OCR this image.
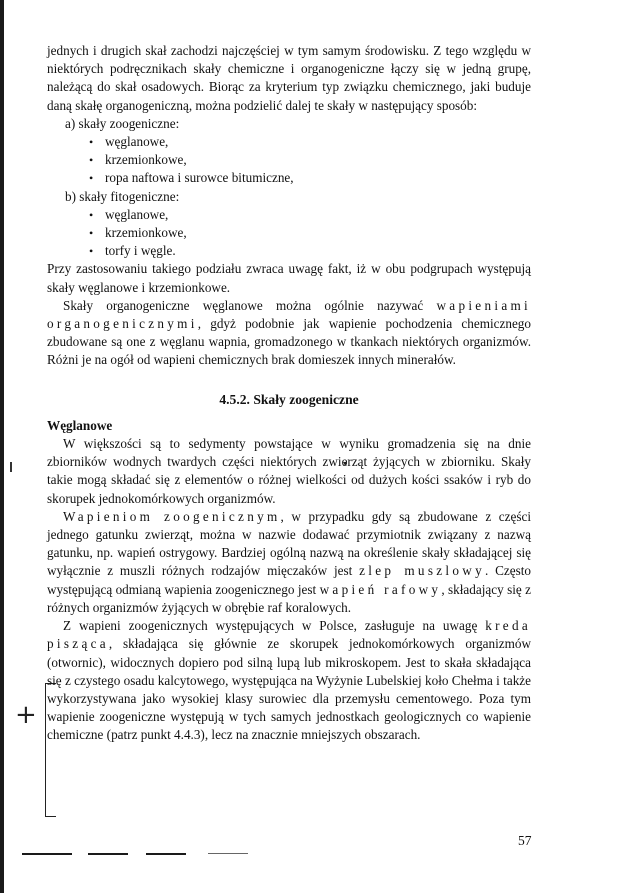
+

jednych i drugich skał zachodzi najczęściej w tym samym środowisku. Z tego względu w niektórych podręcznikach skały chemiczne i organogeniczne łączy się w jedną grupę, należącą do skał osadowych. Biorąc za kryterium typ związku chemicznego, jaki buduje daną skałę organogeniczną, można podzielić dalej te skały w następujący sposób:

a) skały zoogeniczne:
• węglanowe,
• krzemionkowe,
• ropa naftowa i surowce bitumiczne,
b) skały fitogeniczne:
• węglanowe,
• krzemionkowe,
• torfy i węgle.

Przy zastosowaniu takiego podziału zwraca uwagę fakt, iż w obu podgrupach występują skały węglanowe i krzemionkowe.

Skały organogeniczne węglanowe można ogólnie nazywać wapieniami organogenicznymi, gdyż podobnie jak wapienie pochodzenia chemicznego zbudowane są one z węglanu wapnia, gromadzonego w tkankach niektórych organizmów. Różni je na ogół od wapieni chemicznych brak domieszek innych minerałów.

4.5.2. Skały zoogeniczne
Węglanowe

W większości są to sedymenty powstające w wyniku gromadzenia się na dnie zbiorników wodnych twardych części niektórych zwierząt żyjących w zbiorniku. Skały takie mogą składać się z elementów o różnej wielkości od dużych kości ssaków i ryb do skorupek jednokomórkowych organizmów.

Wapieniom zoogenicznym, w przypadku gdy są zbudowane z części jednego gatunku zwierząt, można w nazwie dodawać przymiotnik związany z nazwą gatunku, np. wapień ostrygowy. Bardziej ogólną nazwą na określenie skały składającej się wyłącznie z muszli różnych rodzajów mięczaków jest zlep muszlowy. Często występującą odmianą wapienia zoogenicznego jest wapień rafowy, składający się z różnych organizmów żyjących w obrębie raf koralowych.

Z wapieni zoogenicznych występujących w Polsce, zasługuje na uwagę kreda pisząca, składająca się głównie ze skorupek jednokomórkowych organizmów (otwornic), widocznych dopiero pod silną lupą lub mikroskopem. Jest to skała składająca się z czystego osadu kalcytowego, występująca na Wyżynie Lubelskiej koło Chełma i także wykorzystywana jako wysokiej klasy surowiec dla przemysłu cementowego. Poza tym wapienie zoogeniczne występują w tych samych jednostkach geologicznych co wapienie chemiczne (patrz punkt 4.4.3), lecz na znacznie mniejszych obszarach.

57
